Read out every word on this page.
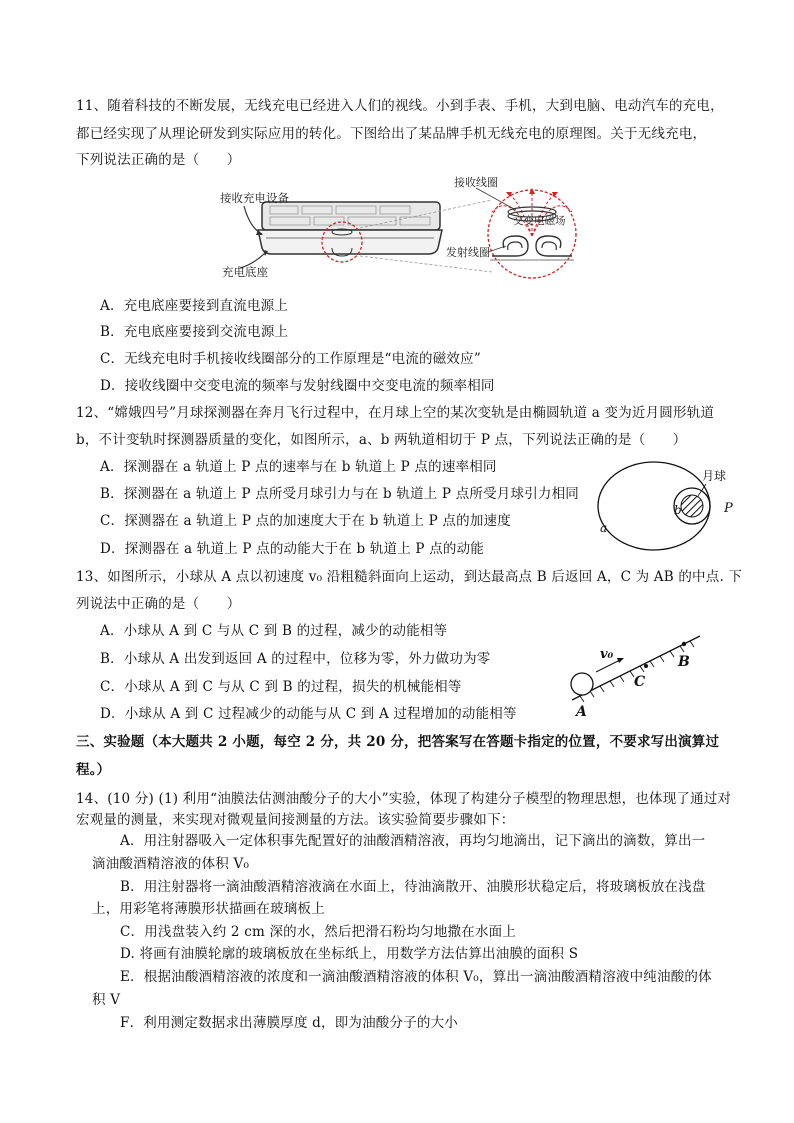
11、随着科技的不断发展，无线充电已经进入人们的视线。小到手表、手机，大到电脑、电动汽车的充电，
都已经实现了从理论研发到实际应用的转化。下图给出了某品牌手机无线充电的原理图。关于无线充电，
下列说法正确的是（　　）
接收充电设备
充电底座
接收线圈
交变电磁场
发射线圈
A．充电底座要接到直流电源上
B．充电底座要接到交流电源上
C．无线充电时手机接收线圈部分的工作原理是“电流的磁效应”
D．接收线圈中交变电流的频率与发射线圈中交变电流的频率相同
12、“嫦娥四号”月球探测器在奔月飞行过程中，在月球上空的某次变轨是由椭圆轨道 a 变为近月圆形轨道
b，不计变轨时探测器质量的变化，如图所示，a、b 两轨道相切于 P 点，下列说法正确的是（　　）
月球
b
a
P
A．探测器在 a 轨道上 P 点的速率与在 b 轨道上 P 点的速率相同
B．探测器在 a 轨道上 P 点所受月球引力与在 b 轨道上 P 点所受月球引力相同
C．探测器在 a 轨道上 P 点的加速度大于在 b 轨道上 P 点的加速度
D．探测器在 a 轨道上 P 点的动能大于在 b 轨道上 P 点的动能
13、如图所示，小球从 A 点以初速度 v₀ 沿粗糙斜面向上运动，到达最高点 B 后返回 A，C 为 AB 的中点. 下
列说法中正确的是（　　）
v₀
A
B
C
A．小球从 A 到 C 与从 C 到 B 的过程，减少的动能相等
B．小球从 A 出发到返回 A 的过程中，位移为零，外力做功为零
C．小球从 A 到 C 与从 C 到 B 的过程，损失的机械能相等
D．小球从 A 到 C 过程减少的动能与从 C 到 A 过程增加的动能相等
三、实验题（本大题共 2 小题，每空 2 分，共 20 分，把答案写在答题卡指定的位置，不要求写出演算过
程。）
14、(10 分) (1) 利用“油膜法估测油酸分子的大小”实验，体现了构建分子模型的物理思想，也体现了通过对
宏观量的测量，来实现对微观量间接测量的方法。该实验简要步骤如下：
A．用注射器吸入一定体积事先配置好的油酸酒精溶液，再均匀地滴出，记下滴出的滴数，算出一
滴油酸酒精溶液的体积 V₀
B．用注射器将一滴油酸酒精溶液滴在水面上，待油滴散开、油膜形状稳定后，将玻璃板放在浅盘
上，用彩笔将薄膜形状描画在玻璃板上
C．用浅盘装入约 2 cm 深的水，然后把滑石粉均匀地撒在水面上
D. 将画有油膜轮廓的玻璃板放在坐标纸上，用数学方法估算出油膜的面积 S
E．根据油酸酒精溶液的浓度和一滴油酸酒精溶液的体积 V₀，算出一滴油酸酒精溶液中纯油酸的体
积 V
F．利用测定数据求出薄膜厚度 d，即为油酸分子的大小
